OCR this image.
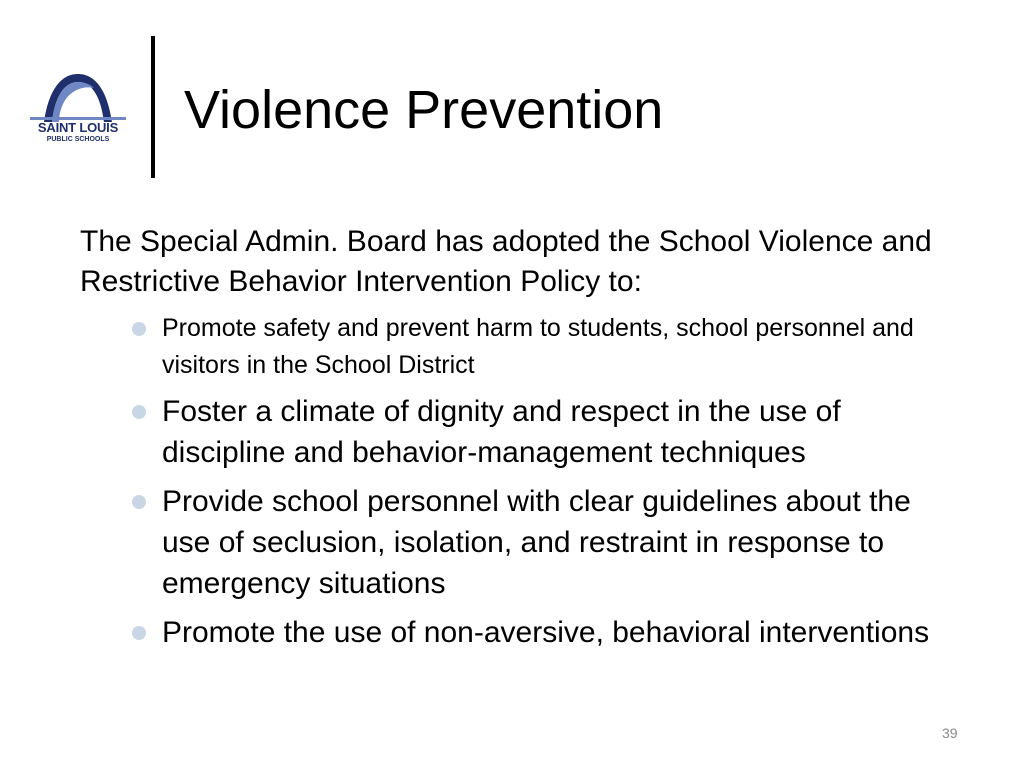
SAINT LOUIS
PUBLIC SCHOOLS	Violence Prevention

The Special Admin. Board has adopted the School Violence and Restrictive Behavior Intervention Policy to:

Promote safety and prevent harm to students, school personnel and visitors in the School District
Foster a climate of dignity and respect in the use of discipline and behavior-management techniques
Provide school personnel with clear guidelines about the use of seclusion, isolation, and restraint in response to emergency situations
Promote the use of non-aversive, behavioral interventions
39
